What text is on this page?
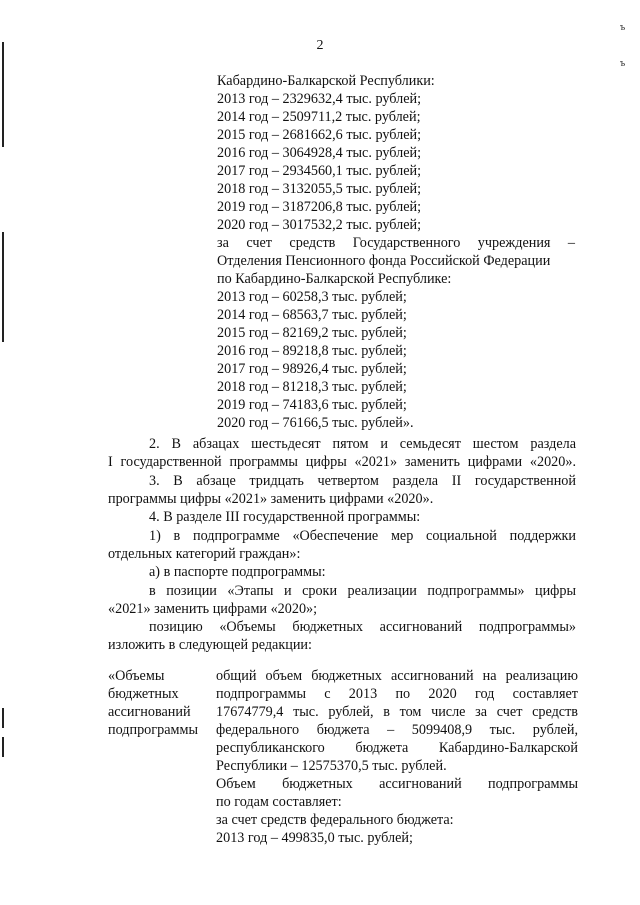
ъ
ъ
2
Кабардино-Балкарской Республики:
2013 год – 2329632,4 тыс. рублей;
2014 год – 2509711,2 тыс. рублей;
2015 год – 2681662,6 тыс. рублей;
2016 год – 3064928,4 тыс. рублей;
2017 год – 2934560,1 тыс. рублей;
2018 год – 3132055,5 тыс. рублей;
2019 год – 3187206,8 тыс. рублей;
2020 год – 3017532,2 тыс. рублей;
за счет средств Государственного учреждения –
Отделения Пенсионного фонда Российской Федерации
по Кабардино-Балкарской Республике:
2013 год – 60258,3 тыс. рублей;
2014 год – 68563,7 тыс. рублей;
2015 год – 82169,2 тыс. рублей;
2016 год – 89218,8 тыс. рублей;
2017 год – 98926,4 тыс. рублей;
2018 год – 81218,3 тыс. рублей;
2019 год – 74183,6 тыс. рублей;
2020 год – 76166,5 тыс. рублей».
2. В абзацах шестьдесят пятом и семьдесят шестом раздела
I государственной программы цифры «2021» заменить цифрами «2020».
3. В абзаце тридцать четвертом раздела II государственной
программы цифры «2021» заменить цифрами «2020».
4. В разделе III государственной программы:
1) в подпрограмме «Обеспечение мер социальной поддержки
отдельных категорий граждан»:
а) в паспорте подпрограммы:
в позиции «Этапы и сроки реализации подпрограммы» цифры
«2021» заменить цифрами «2020»;
позицию «Объемы бюджетных ассигнований подпрограммы»
изложить в следующей редакции:
«Объемы
бюджетных
ассигнований
подпрограммы
общий объем бюджетных ассигнований на реализацию
подпрограммы с 2013 по 2020 год составляет
17674779,4 тыс. рублей, в том числе за счет средств
федерального бюджета – 5099408,9 тыс. рублей,
республиканского бюджета Кабардино-Балкарской
Республики – 12575370,5 тыс. рублей.
Объем бюджетных ассигнований подпрограммы
по годам составляет:
за счет средств федерального бюджета:
2013 год – 499835,0 тыс. рублей;
